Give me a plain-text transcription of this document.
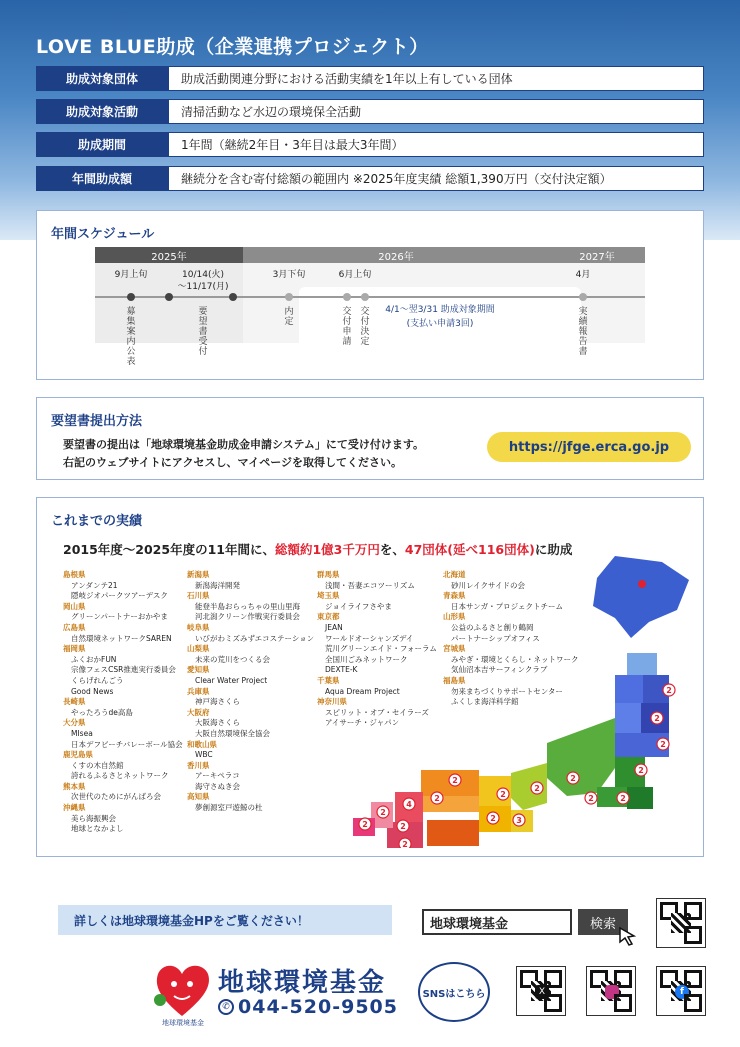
LOVE BLUE助成（企業連携プロジェクト）
助成対象団体	助成活動関連分野における活動実績を1年以上有している団体
助成対象活動	清掃活動など水辺の環境保全活動
助成期間	1年間（継続2年目・3年目は最大3年間）
年間助成額	継続分を含む寄付総額の範囲内 ※2025年度実績 総額1,390万円（交付決定額）
年間スケジュール
2025年	2026年	2027年
9月上旬	10/14(火)
～11/17(月)
3月下旬	6月上旬	4月
4/1～翌3/31 助成対象期間
(支払い申請3回)
募
集
案
内
公
表
要
望
書
受
付
内
定
交
付
申
請
交
付
決
定
実
績
報
告
書
要望書提出方法
要望書の提出は「地球環境基金助成金申請システム」にて受け付けます。
右記のウェブサイトにアクセスし、マイページを取得してください。
https://jfge.erca.go.jp
これまでの実績
2015年度～2025年度の11年間に、総額約1億3千万円を、47団体(延べ116団体)に助成
島根県
アンダンテ21
隠岐ジオパークツアーデスク
岡山県
グリーンパートナーおかやま
広島県
自然環境ネットワークSAREN
福岡県
ふくおかFUN
宗像フェスCSR推進実行委員会
くらげれんごう
Good News
長崎県
やったろうde高島
大分県
MIsea
日本デフビーチバレーボール協会
鹿児島県
くすの木自然館
誇れるふるさとネットワーク
熊本県
次世代のためにがんばろ会
沖縄県
美ら海振興会
地球となかよし
新潟県
新潟海洋開発
石川県
能登半島おらっちゃの里山里海
河北潟クリーン作戦実行委員会
岐阜県
いびがわミズみずエコステーション
山梨県
未来の荒川をつくる会
愛知県
Clear Water Project
兵庫県
神戸海さくら
大阪府
大阪海さくら
大阪自然環境保全協会
和歌山県
WBC
香川県
アーキペラコ
海守さぬき会
高知県
夢創源室戸遊鯨の杜
群馬県
浅間・吾妻エコツーリズム
埼玉県
ジョイライフさやま
東京都
JEAN
ワールドオーシャンズデイ
荒川グリーンエイド・フォーラム
全国川ごみネットワーク
DEXTE-K
千葉県
Aqua Dream Project
神奈川県
スピリット・オブ・セイラーズ
アイサーチ・ジャパン
北海道
砂川レイクサイドの会
青森県
日本サンガ・プロジェクトチーム
山形県
公益のふるさと創り鶴岡
パートナーシップオフィス
宮城県
みやぎ・環境とくらし・ネットワーク
気仙沼本吉サーフィンクラブ
福島県
勿来まちづくりサポートセンター
ふくしま海洋科学館
2
2
2
2
2
2
2
2
2
2	3
2
2
4
2
2
2
2
詳しくは地球環境基金HPをご覧ください！	地球環境基金	検索
地球環境基金
地球環境基金
✆ 044-520-9505
SNSはこちら	X	f
